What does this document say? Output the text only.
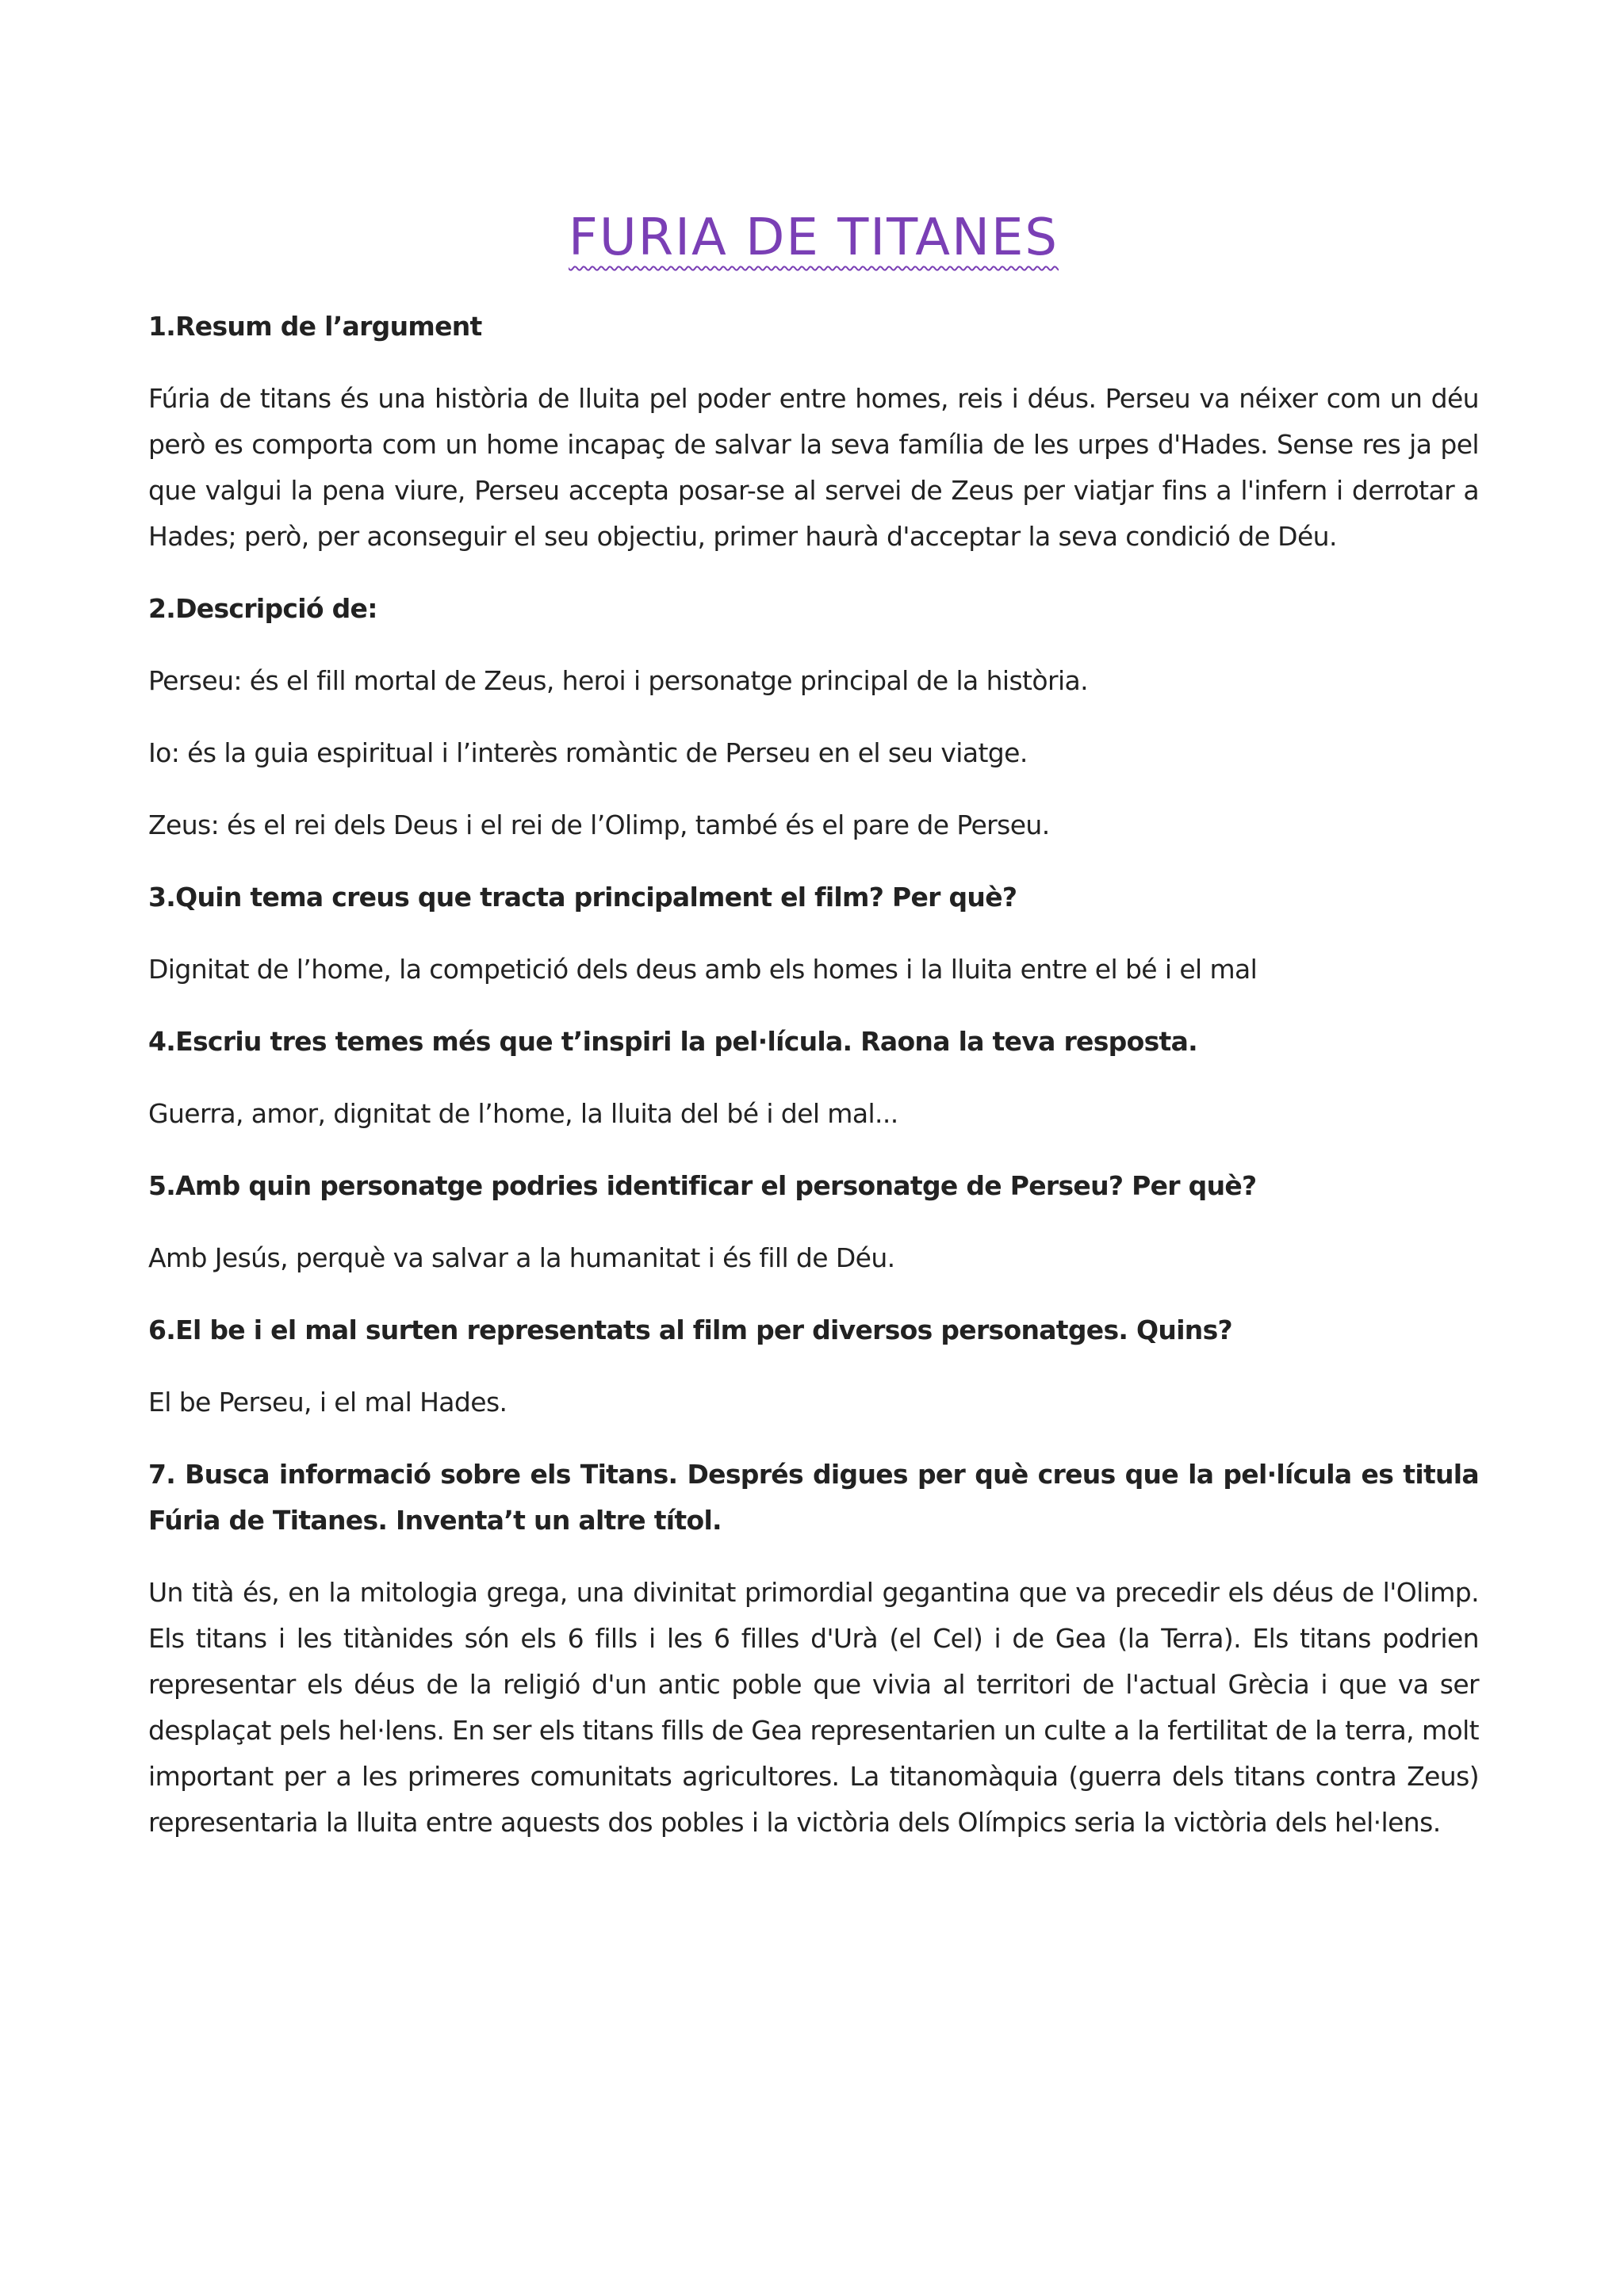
FURIA DE TITANES

1.Resum de l’argument

Fúria de titans és una història de lluita pel poder entre homes, reis i déus. Perseu va néixer com un déu però es comporta com un home incapaç de salvar la seva família de les urpes d'Hades. Sense res ja pel que valgui la pena viure, Perseu accepta posar-se al servei de Zeus per viatjar fins a l'infern i derrotar a Hades; però, per aconseguir el seu objectiu, primer haurà d'acceptar la seva condició de Déu.

2.Descripció de:

Perseu: és el fill mortal de Zeus, heroi i personatge principal de la història.

Io: és la guia espiritual i l’interès romàntic de Perseu en el seu viatge.

Zeus: és el rei dels Deus i el rei de l’Olimp, també és el pare de Perseu.

3.Quin tema creus que tracta principalment el film? Per què?

Dignitat de l’home, la competició dels deus amb els homes i la lluita entre el bé i el mal

4.Escriu tres temes més que t’inspiri la pel·lícula. Raona la teva resposta.

Guerra, amor, dignitat de l’home, la lluita del bé i del mal...

5.Amb quin personatge podries identificar el personatge de Perseu? Per què?

Amb Jesús, perquè va salvar a la humanitat i és fill de Déu.

6.El be i el mal surten representats al film per diversos personatges. Quins?

El be Perseu, i el mal Hades.

7. Busca informació sobre els Titans. Després digues per què creus que la pel·lícula es titula Fúria de Titanes. Inventa’t un altre títol.

Un tità és, en la mitologia grega, una divinitat primordial gegantina que va precedir els déus de l'Olimp. Els titans i les titànides són els 6 fills i les 6 filles d'Urà (el Cel) i de Gea (la Terra). Els titans podrien representar els déus de la religió d'un antic poble que vivia al territori de l'actual Grècia i que va ser desplaçat pels hel·lens. En ser els titans fills de Gea representarien un culte a la fertilitat de la terra, molt important per a les primeres comunitats agricultores. La titanomàquia (guerra dels titans contra Zeus) representaria la lluita entre aquests dos pobles i la victòria dels Olímpics seria la victòria dels hel·lens.
